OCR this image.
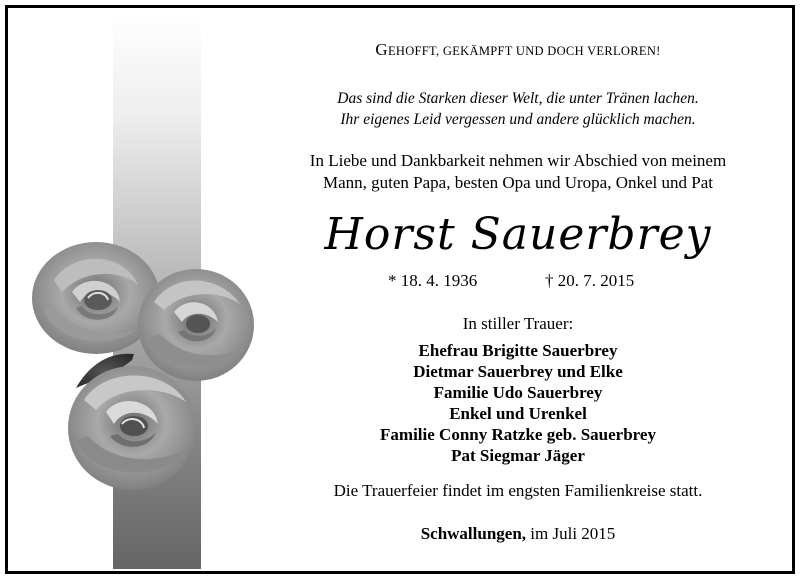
GEHOFFT, GEKÄMPFT UND DOCH VERLOREN!
Das sind die Starken dieser Welt, die unter Tränen lachen.
Ihr eigenes Leid vergessen und andere glücklich machen.
In Liebe und Dankbarkeit nehmen wir Abschied von meinem
Mann, guten Papa, besten Opa und Uropa, Onkel und Pat
Horst Sauerbrey
* 18. 4. 1936	† 20. 7. 2015
In stiller Trauer:
Ehefrau Brigitte Sauerbrey
Dietmar Sauerbrey und Elke
Familie Udo Sauerbrey
Enkel und Urenkel
Familie Conny Ratzke geb. Sauerbrey
Pat Siegmar Jäger
Die Trauerfeier findet im engsten Familienkreise statt.
Schwallungen, im Juli 2015
